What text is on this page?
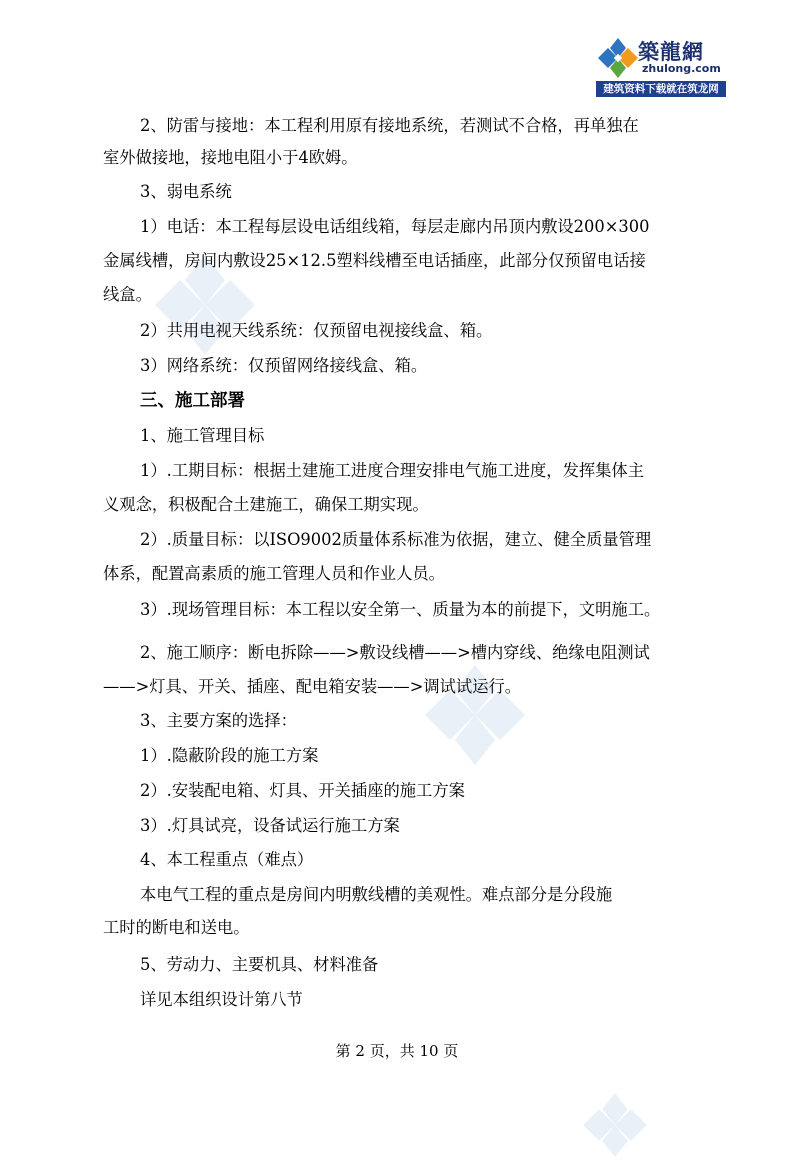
築龍網
zhulong.com
建筑资料下载就在筑龙网
2、防雷与接地：本工程利用原有接地系统，若测试不合格，再单独在
室外做接地，接地电阻小于4欧姆。
3、弱电系统
1）电话：本工程每层设电话组线箱，每层走廊内吊顶内敷设200×300
金属线槽，房间内敷设25×12.5塑料线槽至电话插座，此部分仅预留电话接
线盒。
2）共用电视天线系统：仅预留电视接线盒、箱。
3）网络系统：仅预留网络接线盒、箱。
三、施工部署
1、施工管理目标
1）.工期目标：根据土建施工进度合理安排电气施工进度，发挥集体主
义观念，积极配合土建施工，确保工期实现。
2）.质量目标：以ISO9002质量体系标准为依据，建立、健全质量管理
体系，配置高素质的施工管理人员和作业人员。
3）.现场管理目标：本工程以安全第一、质量为本的前提下，文明施工。
2、施工顺序：断电拆除——>敷设线槽——>槽内穿线、绝缘电阻测试
——>灯具、开关、插座、配电箱安装——>调试试运行。
3、主要方案的选择：
1）.隐蔽阶段的施工方案
2）.安装配电箱、灯具、开关插座的施工方案
3）.灯具试亮，设备试运行施工方案
4、本工程重点（难点）
本电气工程的重点是房间内明敷线槽的美观性。难点部分是分段施
工时的断电和送电。
5、劳动力、主要机具、材料准备
详见本组织设计第八节
第 2 页，共 10 页
